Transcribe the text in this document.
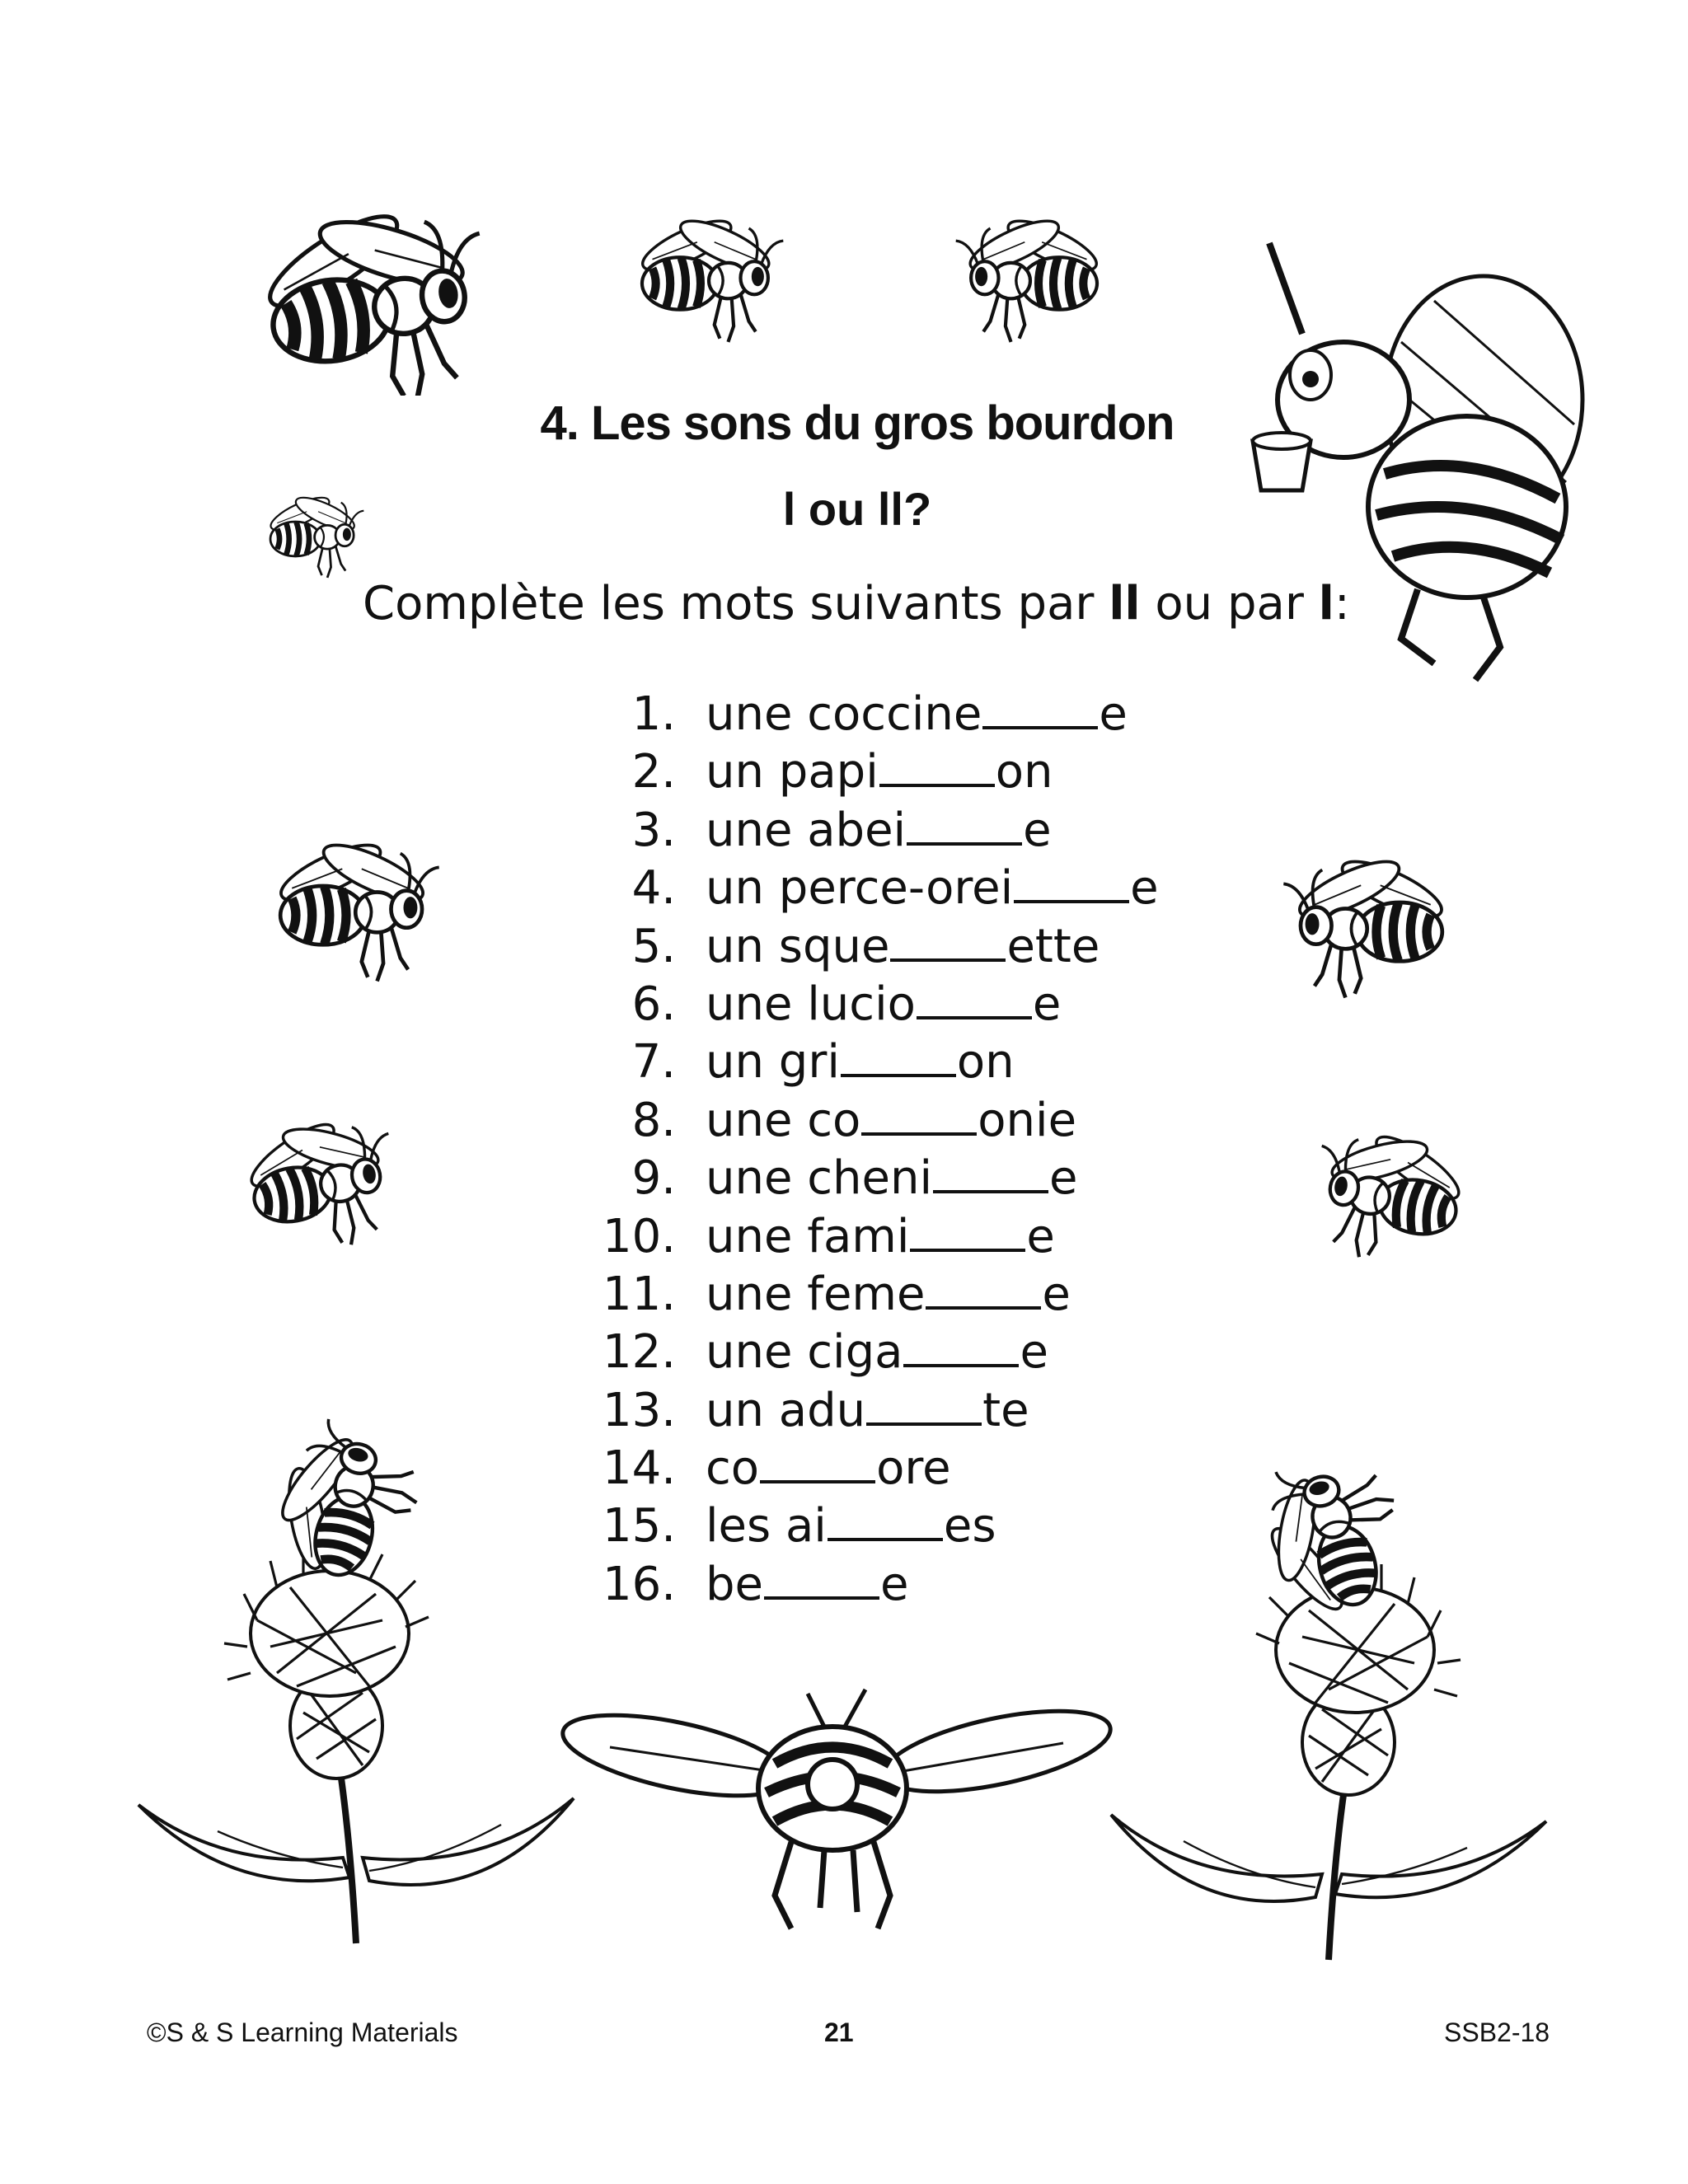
4. Les sons du gros bourdon
l ou ll?

Complète les mots suivants par ll ou par l:

1. une coccine	e
2. un papi	on
3. une abei	e
4. un perce-orei	e
5. un sque	ette
6. une lucio	e
7. un gri	on
8. une co	onie
9. une cheni	e
10. une fami	e
11. une feme	e
12. une ciga	e
13. un adu	te
14. co	ore
15. les ai	es
16. be	e

©S & S Learning Materials	21	SSB2-18
